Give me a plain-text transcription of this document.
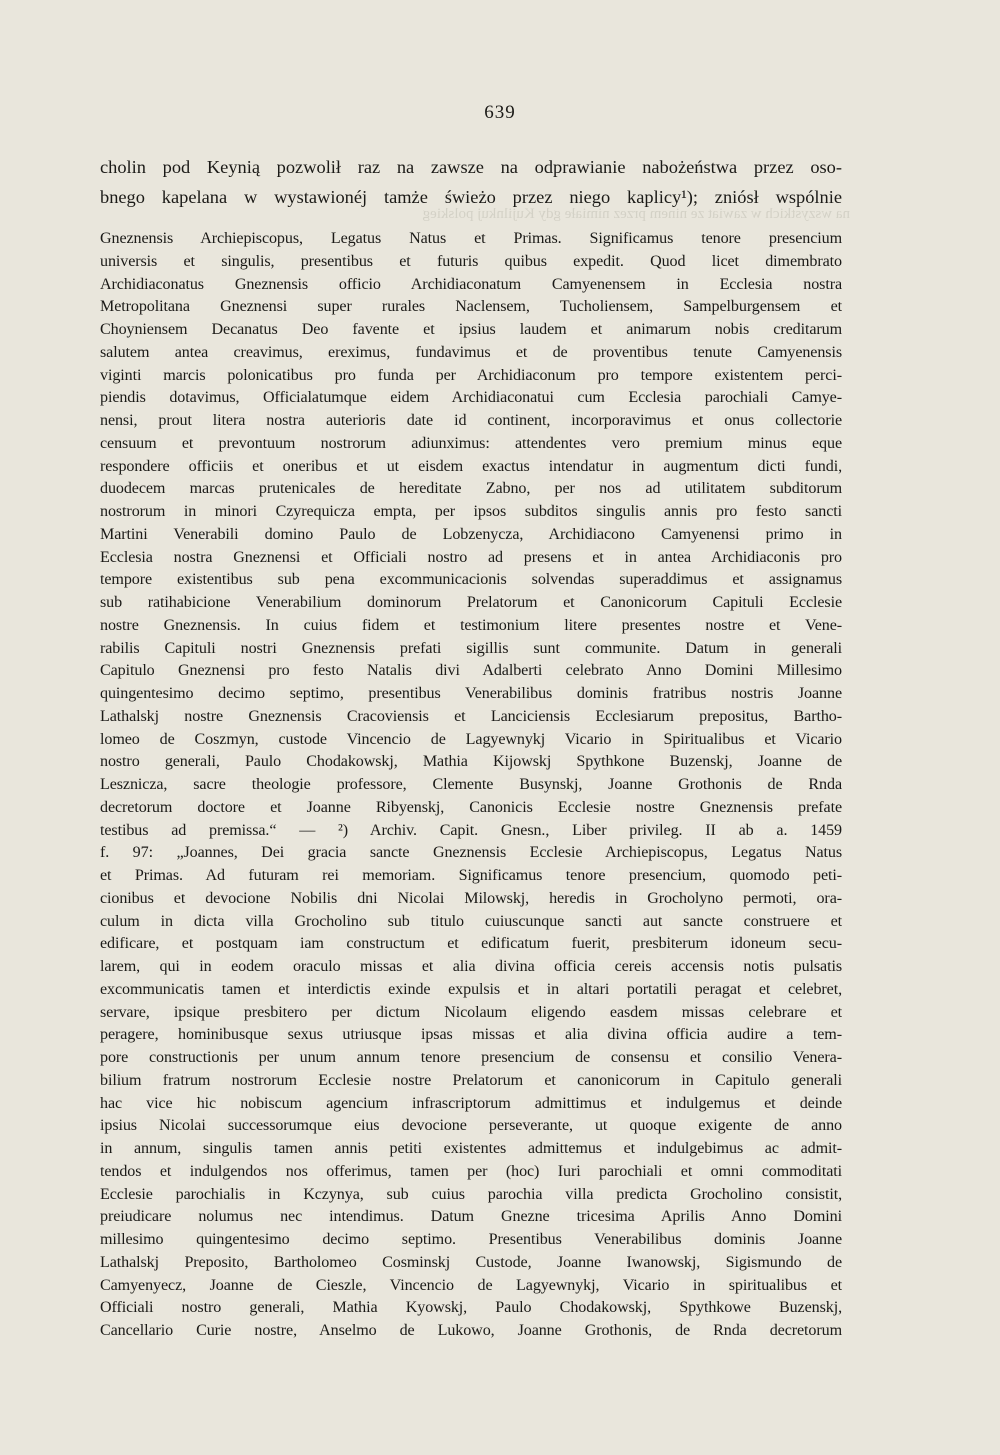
639

cholin pod Keynią pozwolił raz na zawsze na odprawianie nabożeństwa przez oso-
bnego kapelana w wystawionéj tamże świeżo przez niego kaplicy¹); zniósł wspólnie

na wszystkich w zawiat ze ninem przez nimiałe gdy Kujilnkuj polskieg

Gneznensis Archiepiscopus, Legatus Natus et Primas. Significamus tenore presencium
universis et singulis, presentibus et futuris quibus expedit. Quod licet dimembrato
Archidiaconatus Gneznensis officio Archidiaconatum Camyenensem in Ecclesia nostra
Metropolitana Gneznensi super rurales Naclensem, Tucholiensem, Sampelburgensem et
Choyniensem Decanatus Deo favente et ipsius laudem et animarum nobis creditarum
salutem antea creavimus, ereximus, fundavimus et de proventibus tenute Camyenensis
viginti marcis polonicatibus pro funda per Archidiaconum pro tempore existentem perci-
piendis dotavimus, Officialatumque eidem Archidiaconatui cum Ecclesia parochiali Camye-
nensi, prout litera nostra auterioris date id continent, incorporavimus et onus collectorie
censuum et prevontuum nostrorum adiunximus: attendentes vero premium minus eque
respondere officiis et oneribus et ut eisdem exactus intendatur in augmentum dicti fundi,
duodecem marcas prutenicales de hereditate Zabno, per nos ad utilitatem subditorum
nostrorum in minori Czyrequicza empta, per ipsos subditos singulis annis pro festo sancti
Martini Venerabili domino Paulo de Lobzenycza, Archidiacono Camyenensi primo in
Ecclesia nostra Gneznensi et Officiali nostro ad presens et in antea Archidiaconis pro
tempore existentibus sub pena excommunicacionis solvendas superaddimus et assignamus
sub ratihabicione Venerabilium dominorum Prelatorum et Canonicorum Capituli Ecclesie
nostre Gneznensis. In cuius fidem et testimonium litere presentes nostre et Vene-
rabilis Capituli nostri Gneznensis prefati sigillis sunt communite. Datum in generali
Capitulo Gneznensi pro festo Natalis divi Adalberti celebrato Anno Domini Millesimo
quingentesimo decimo septimo, presentibus Venerabilibus dominis fratribus nostris Joanne
Lathalskj nostre Gneznensis Cracoviensis et Lanciciensis Ecclesiarum prepositus, Barthо-
lomeo de Coszmyn, custode Vincencio de Lagyewnykj Vicario in Spiritualibus et Vicario
nostro generali, Paulo Chodakowskj, Mathia Kijowskj Spythkone Buzenskj, Joanne de
Lesznicza, sacre theologie professore, Clemente Busynskj, Joanne Grothonis de Rnda
decretorum doctore et Joanne Ribyenskj, Canonicis Ecclesie nostre Gneznensis prefate
testibus ad premissa.“ — ²) Archiv. Capit. Gnesn., Liber privileg. II ab a. 1459
f. 97: „Joannes, Dei gracia sancte Gneznensis Ecclesie Archiepiscopus, Legatus Natus
et Primas. Ad futuram rei memoriam. Significamus tenore presencium, quomodo peti-
cionibus et devocione Nobilis dni Nicolai Milowskj, heredis in Grocholyno permoti, ora-
culum in dicta villa Grocholino sub titulo cuiuscunque sancti aut sancte construere et
edificare, et postquam iam constructum et edificatum fuerit, presbiterum idoneum secu-
larem, qui in eodem oraculo missas et alia divina officia cereis accensis notis pulsatis
excommunicatis tamen et interdictis exinde expulsis et in altari portatili peragat et celebret,
servare, ipsique presbitero per dictum Nicolaum eligendo easdem missas celebrare et
peragere, hominibusque sexus utriusque ipsas missas et alia divina officia audire a tem-
pore constructionis per unum annum tenore presencium de consensu et consilio Venera-
bilium fratrum nostrorum Ecclesie nostre Prelatorum et canonicorum in Capitulo generali
hac vice hic nobiscum agencium infrascriptorum admittimus et indulgemus et deinde
ipsius Nicolai successorumque eius devocione perseverante, ut quoque exigente de anno
in annum, singulis tamen annis petiti existentes admittemus et indulgebimus ac admit-
tendos et indulgendos nos offerimus, tamen per (hoc) Iuri parochiali et omni commoditati
Ecclesie parochialis in Kczynya, sub cuius parochia villa predicta Grocholino consistit,
preiudicare nolumus nec intendimus. Datum Gnezne tricesima Aprilis Anno Domini
millesimo quingentesimo decimo septimo. Presentibus Venerabilibus dominis Joanne
Lathalskj Preposito, Bartholomeo Cosminskj Custode, Joanne Iwanowskj, Sigismundo de
Camyenyecz, Joanne de Cieszle, Vincencio de Lagyewnykj, Vicario in spiritualibus et
Officiali nostro generali, Mathia Kyowskj, Paulo Chodakowskj, Spythkowe Buzenskj,
Cancellario Curie nostre, Anselmo de Lukowo, Joanne Grothonis, de Rnda decretorum
